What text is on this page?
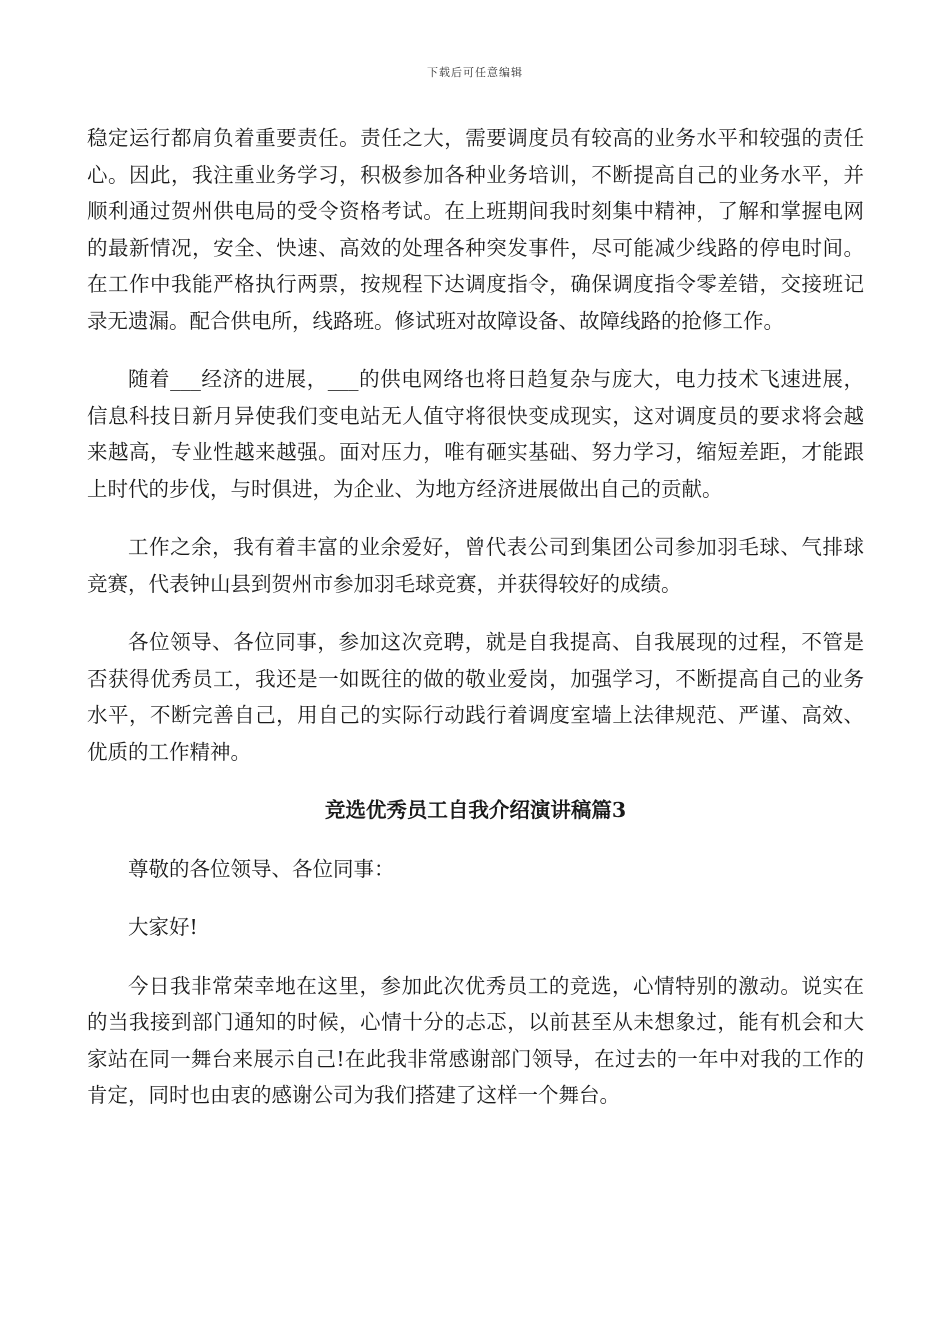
下载后可任意编辑

稳定运行都肩负着重要责任。责任之大，需要调度员有较高的业务水平和较强的责任心。因此，我注重业务学习，积极参加各种业务培训，不断提高自己的业务水平，并顺利通过贺州供电局的受令资格考试。在上班期间我时刻集中精神，了解和掌握电网的最新情况，安全、快速、高效的处理各种突发事件，尽可能减少线路的停电时间。在工作中我能严格执行两票，按规程下达调度指令，确保调度指令零差错，交接班记录无遗漏。配合供电所，线路班。修试班对故障设备、故障线路的抢修工作。

随着___经济的进展，___的供电网络也将日趋复杂与庞大，电力技术飞速进展，信息科技日新月异使我们变电站无人值守将很快变成现实，这对调度员的要求将会越来越高，专业性越来越强。面对压力，唯有砸实基础、努力学习，缩短差距，才能跟上时代的步伐，与时俱进，为企业、为地方经济进展做出自己的贡献。

工作之余，我有着丰富的业余爱好，曾代表公司到集团公司参加羽毛球、气排球竞赛，代表钟山县到贺州市参加羽毛球竞赛，并获得较好的成绩。

各位领导、各位同事，参加这次竞聘，就是自我提高、自我展现的过程，不管是否获得优秀员工，我还是一如既往的做的敬业爱岗，加强学习，不断提高自己的业务水平，不断完善自己，用自己的实际行动践行着调度室墙上法律规范、严谨、高效、优质的工作精神。

竞选优秀员工自我介绍演讲稿篇3

尊敬的各位领导、各位同事：

大家好!

今日我非常荣幸地在这里，参加此次优秀员工的竞选，心情特别的激动。说实在的当我接到部门通知的时候，心情十分的忐忑，以前甚至从未想象过，能有机会和大家站在同一舞台来展示自己!在此我非常感谢部门领导，在过去的一年中对我的工作的肯定，同时也由衷的感谢公司为我们搭建了这样一个舞台。
